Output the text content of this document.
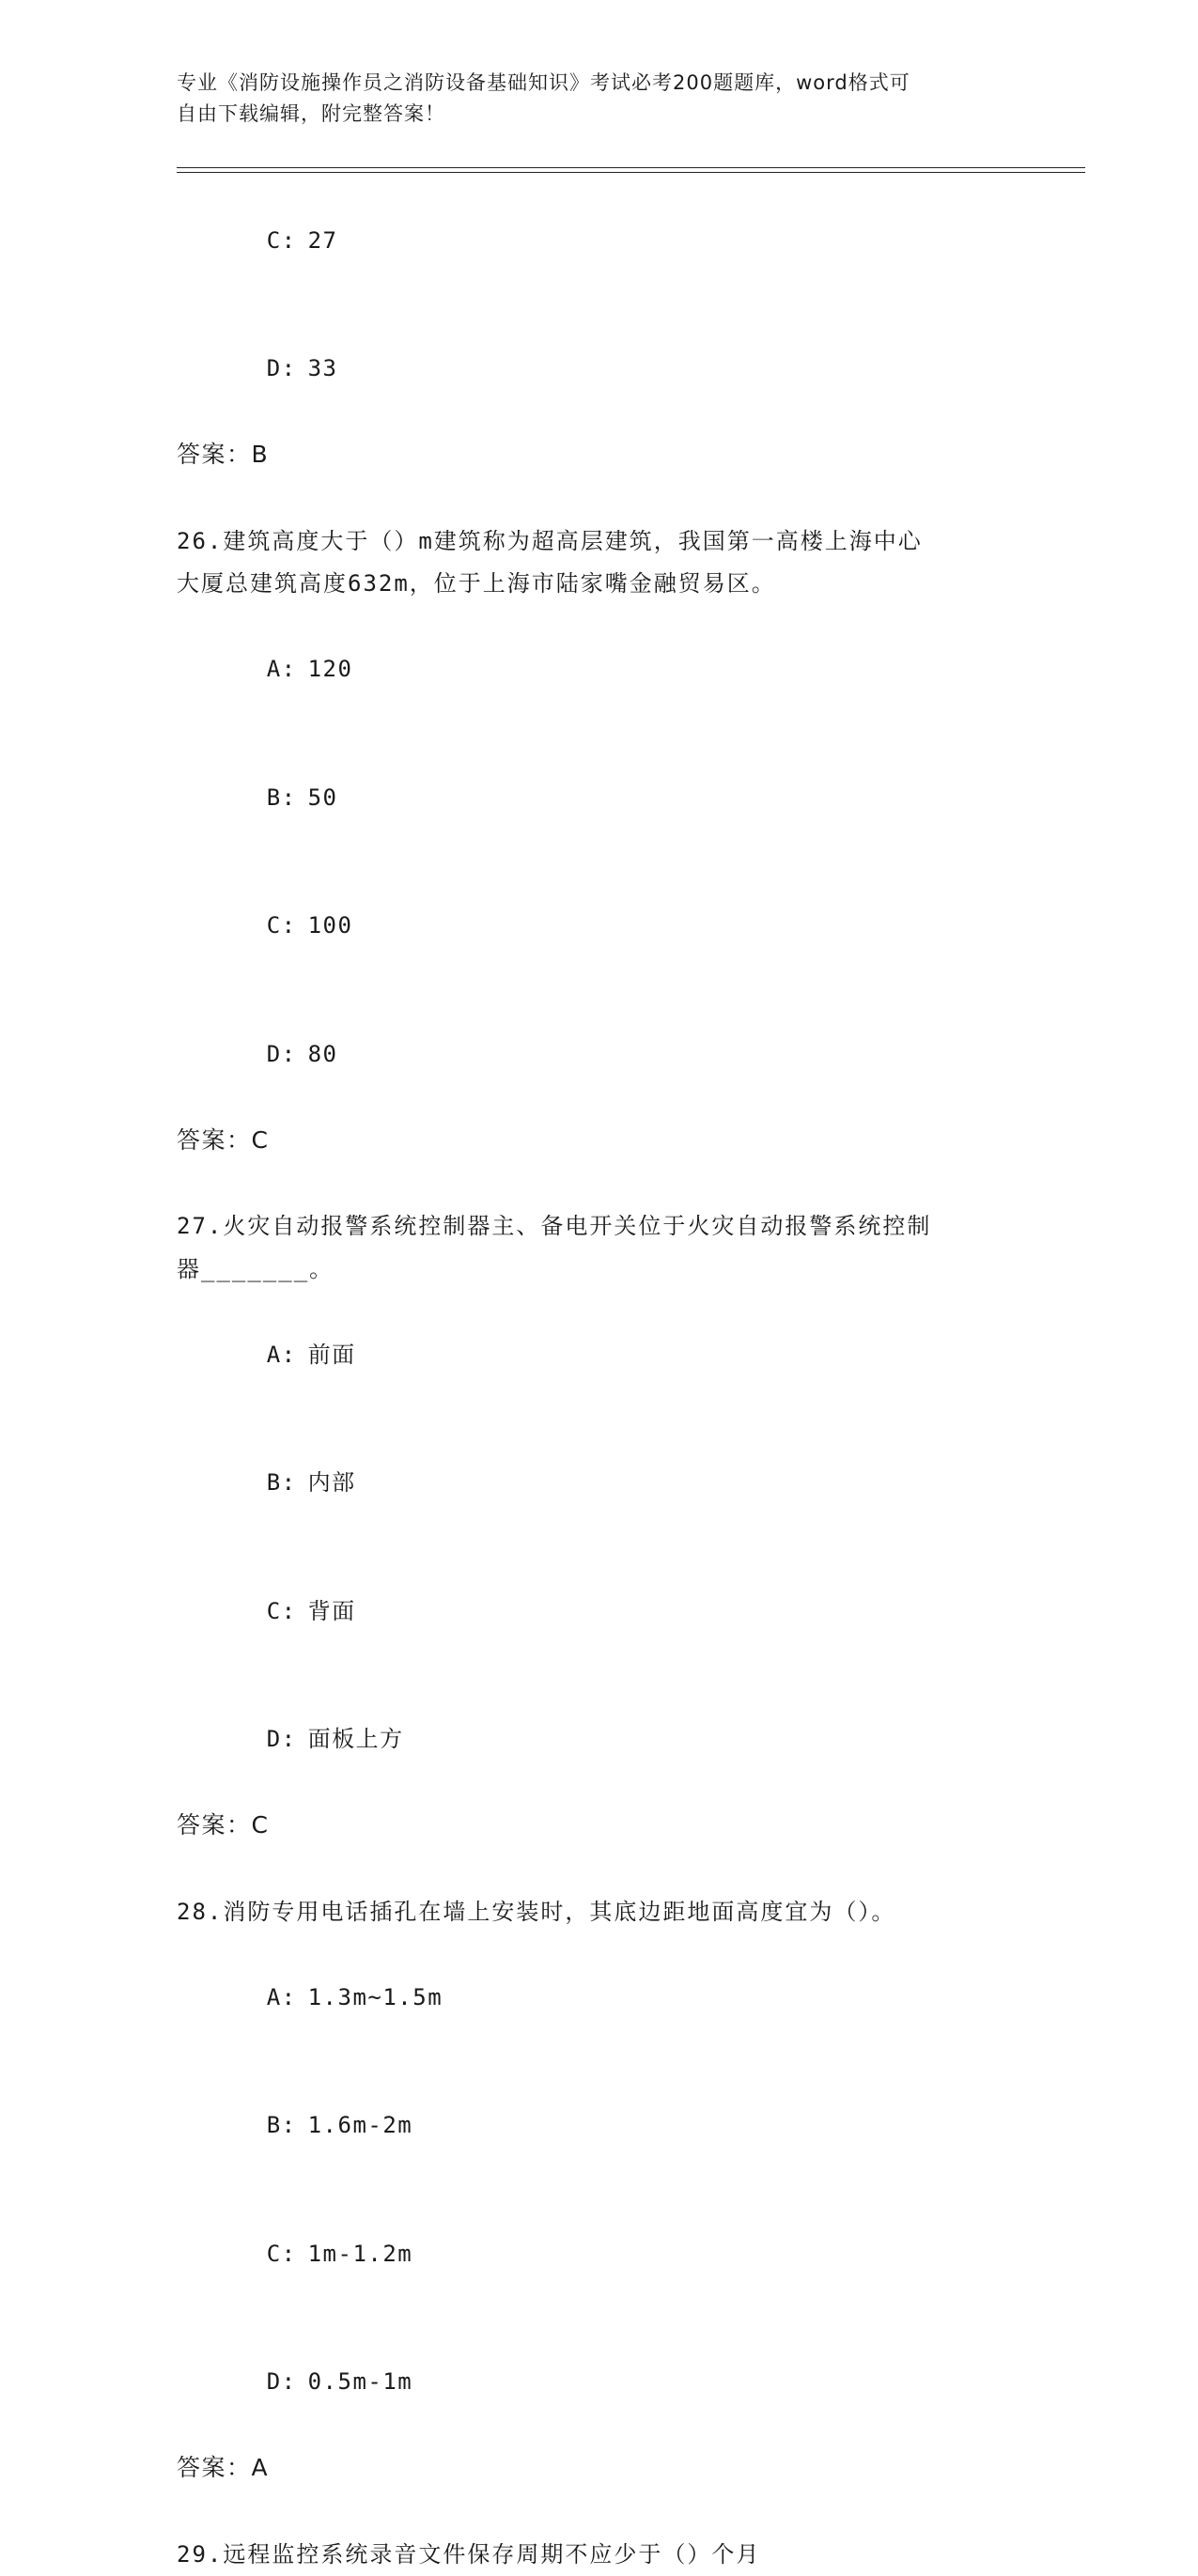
专业《消防设施操作员之消防设备基础知识》考试必考200题题库，word格式可
自由下载编辑，附完整答案！

C: 27

D: 33

答案：B
26.建筑高度大于（）m建筑称为超高层建筑，我国第一高楼上海中心
大厦总建筑高度632m，位于上海市陆家嘴金融贸易区。

A: 120

B: 50

C: 100

D: 80

答案：C
27.火灾自动报警系统控制器主、备电开关位于火灾自动报警系统控制
器_______。

A: 前面

B: 内部

C: 背面

D: 面板上方

答案：C
28.消防专用电话插孔在墙上安装时，其底边距地面高度宜为（）。

A: 1.3m~1.5m

B: 1.6m-2m

C: 1m-1.2m

D: 0.5m-1m

答案：A
29.远程监控系统录音文件保存周期不应少于（）个月
